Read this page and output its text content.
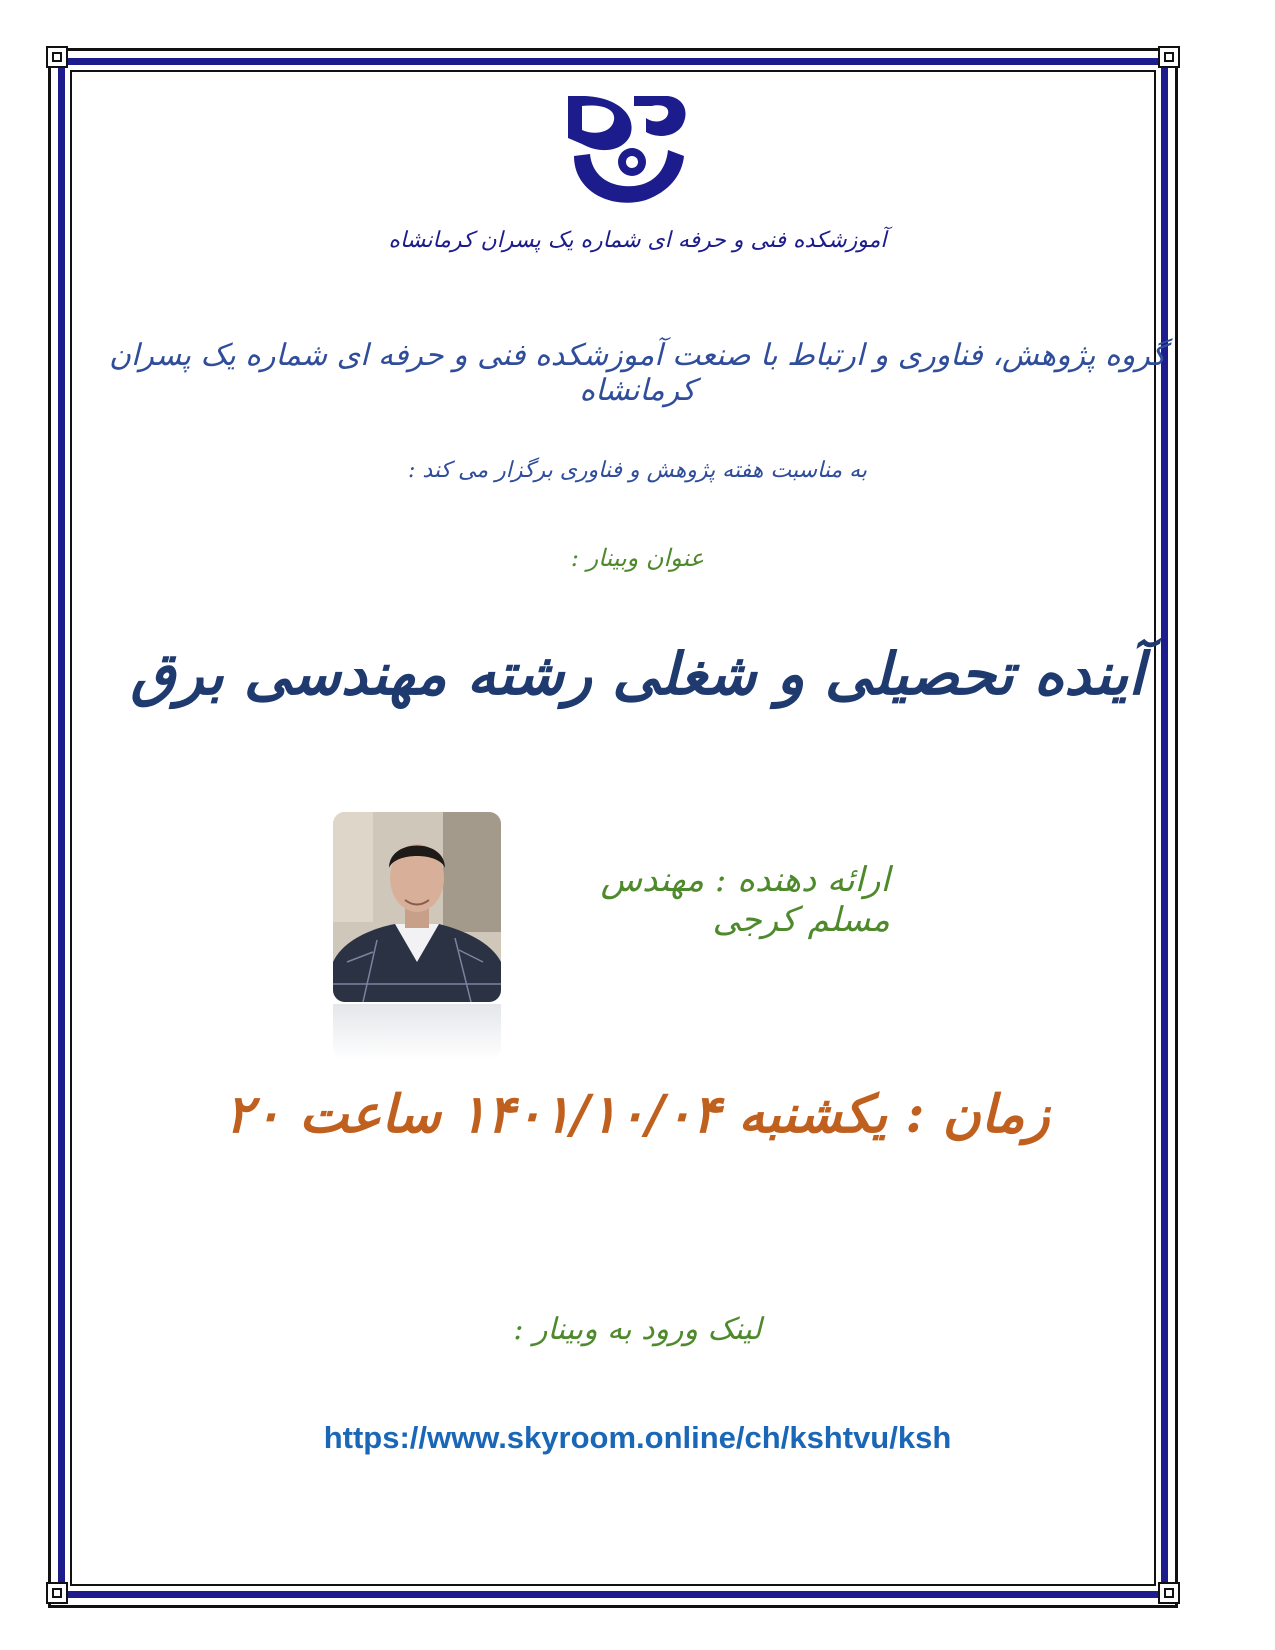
آموزشکده فنی و حرفه ای شماره یک پسران کرمانشاه
گروه پژوهش، فناوری و ارتباط با صنعت آموزشکده فنی و حرفه ای شماره یک پسران کرمانشاه
به مناسبت هفته پژوهش و فناوری برگزار می کند :
عنوان وبینار :
آینده تحصیلی و شغلی رشته مهندسی برق
ارائه دهنده : مهندس مسلم کرجی
زمان : یکشنبه ۱۴۰۱/۱۰/۰۴ ساعت ۲۰
لینک ورود به وبینار :
https://www.skyroom.online/ch/kshtvu/ksh
